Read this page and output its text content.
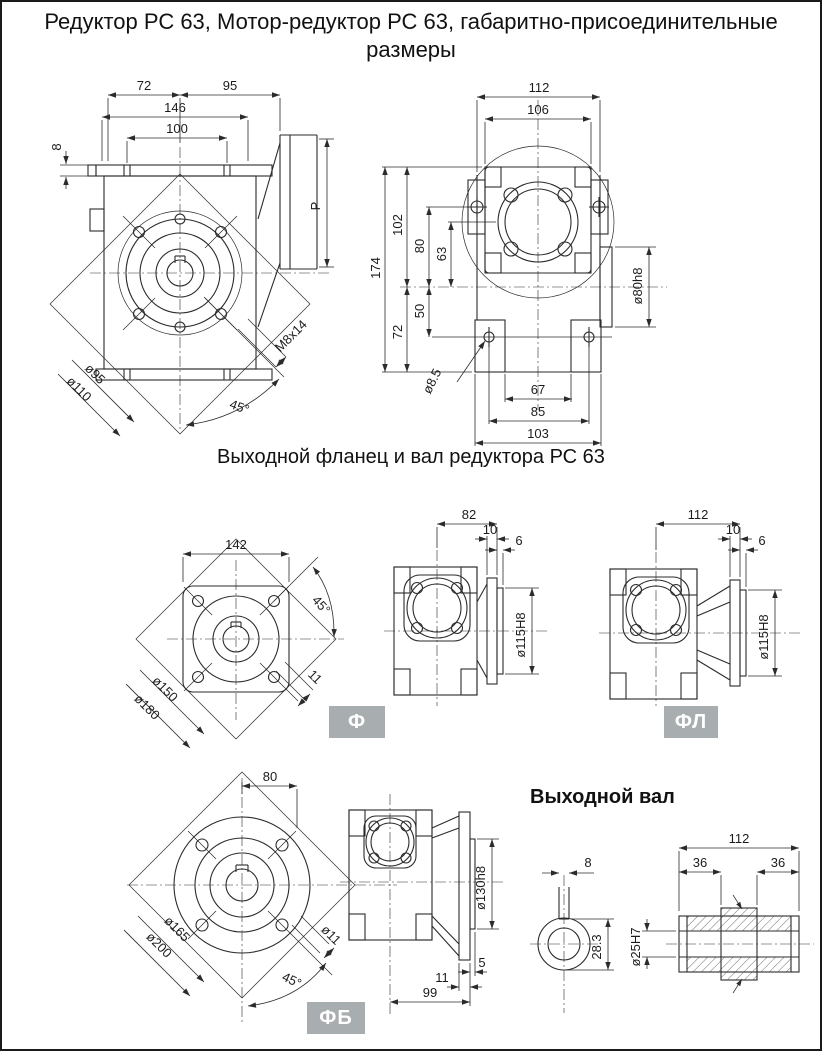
Редуктор РС 63, Мотор-редуктор РС 63, габаритно-присоединительные размеры
72	95
146
100
8
P
ø95
ø110
M8x14
45°
112
106
174
102
72
80
63
50
ø8.5
ø80h8
67
85
103
Выходной фланец и вал редуктора РС 63
142
45°
ø150
ø180
11
82
10
6
ø115H8
Ф
112
10
6
ø115H8
ФЛ
80
ø165
ø200	ø11
45°
ФБ
ø130h8
5
11
99
Выходной вал
8
28.3
112
36	36
ø25H7
